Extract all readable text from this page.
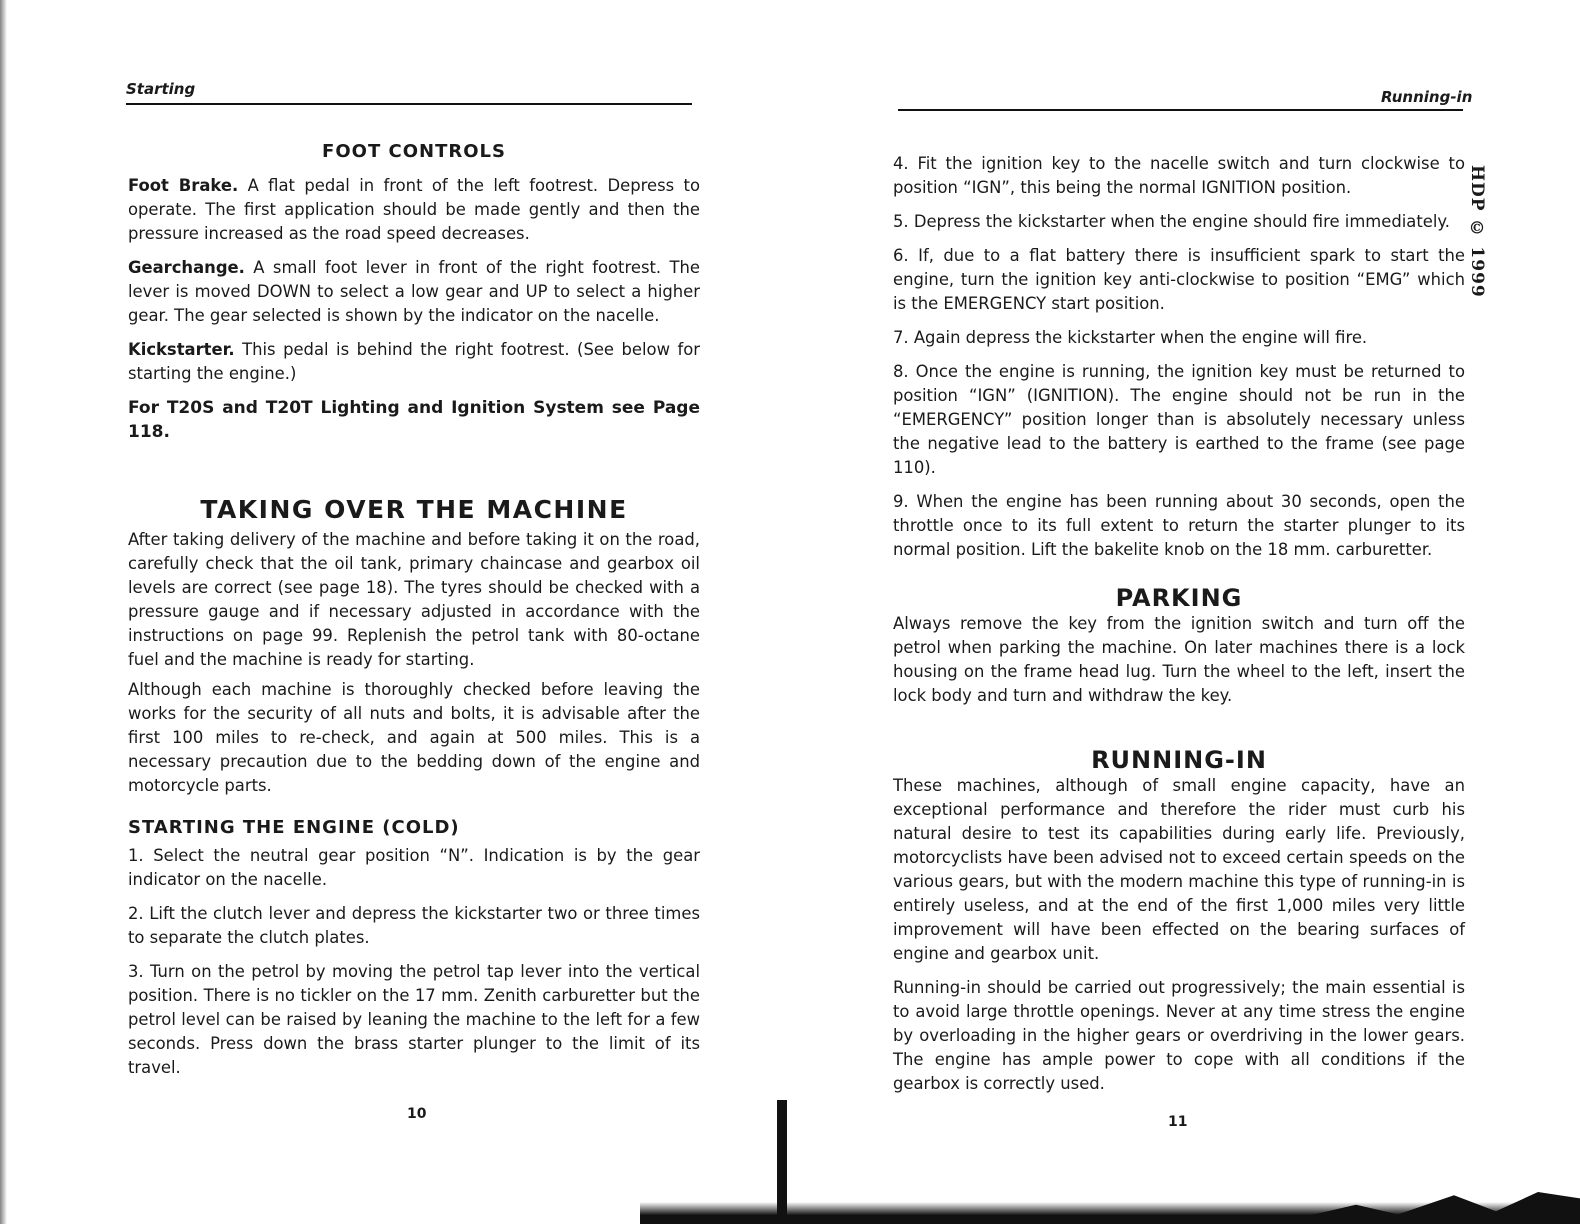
Starting
FOOT CONTROLS

Foot Brake. A flat pedal in front of the left footrest. Depress to operate. The first application should be made gently and then the pressure increased as the road speed decreases.

Gearchange. A small foot lever in front of the right footrest. The lever is moved DOWN to select a low gear and UP to select a higher gear. The gear selected is shown by the indicator on the nacelle.

Kickstarter. This pedal is behind the right footrest. (See below for starting the engine.)

For T20S and T20T Lighting and Ignition System see Page 118.

TAKING OVER THE MACHINE

After taking delivery of the machine and before taking it on the road, carefully check that the oil tank, primary chaincase and gearbox oil levels are correct (see page 18). The tyres should be checked with a pressure gauge and if necessary adjusted in accordance with the instructions on page 99. Replenish the petrol tank with 80-octane fuel and the machine is ready for starting.

Although each machine is thoroughly checked before leaving the works for the security of all nuts and bolts, it is advisable after the first 100 miles to re-check, and again at 500 miles. This is a necessary precaution due to the bedding down of the engine and motorcycle parts.

STARTING THE ENGINE (COLD)

1. Select the neutral gear position “N”. Indication is by the gear indicator on the nacelle.

2. Lift the clutch lever and depress the kickstarter two or three times to separate the clutch plates.

3. Turn on the petrol by moving the petrol tap lever into the vertical position. There is no tickler on the 17 mm. Zenith carburetter but the petrol level can be raised by leaning the machine to the left for a few seconds. Press down the brass starter plunger to the limit of its travel.

10
Running-in

4. Fit the ignition key to the nacelle switch and turn clockwise to position “IGN”, this being the normal IGNITION position.

5. Depress the kickstarter when the engine should fire immediately.

6. If, due to a flat battery there is insufficient spark to start the engine, turn the ignition key anti-clockwise to position “EMG” which is the EMERGENCY start position.

7. Again depress the kickstarter when the engine will fire.

8. Once the engine is running, the ignition key must be returned to position “IGN” (IGNITION). The engine should not be run in the “EMERGENCY” position longer than is absolutely necessary unless the negative lead to the battery is earthed to the frame (see page 110).

9. When the engine has been running about 30 seconds, open the throttle once to its full extent to return the starter plunger to its normal position. Lift the bakelite knob on the 18 mm. carburetter.

PARKING

Always remove the key from the ignition switch and turn off the petrol when parking the machine. On later machines there is a lock housing on the frame head lug. Turn the wheel to the left, insert the lock body and turn and withdraw the key.

RUNNING-IN

These machines, although of small engine capacity, have an exceptional performance and therefore the rider must curb his natural desire to test its capabilities during early life. Previously, motorcyclists have been advised not to exceed certain speeds on the various gears, but with the modern machine this type of running-in is entirely useless, and at the end of the first 1,000 miles very little improvement will have been effected on the bearing surfaces of engine and gearbox unit.

Running-in should be carried out progressively; the main essential is to avoid large throttle openings. Never at any time stress the engine by overloading in the higher gears or overdriving in the lower gears. The engine has ample power to cope with all conditions if the gearbox is correctly used.

11
HDP © 1999
